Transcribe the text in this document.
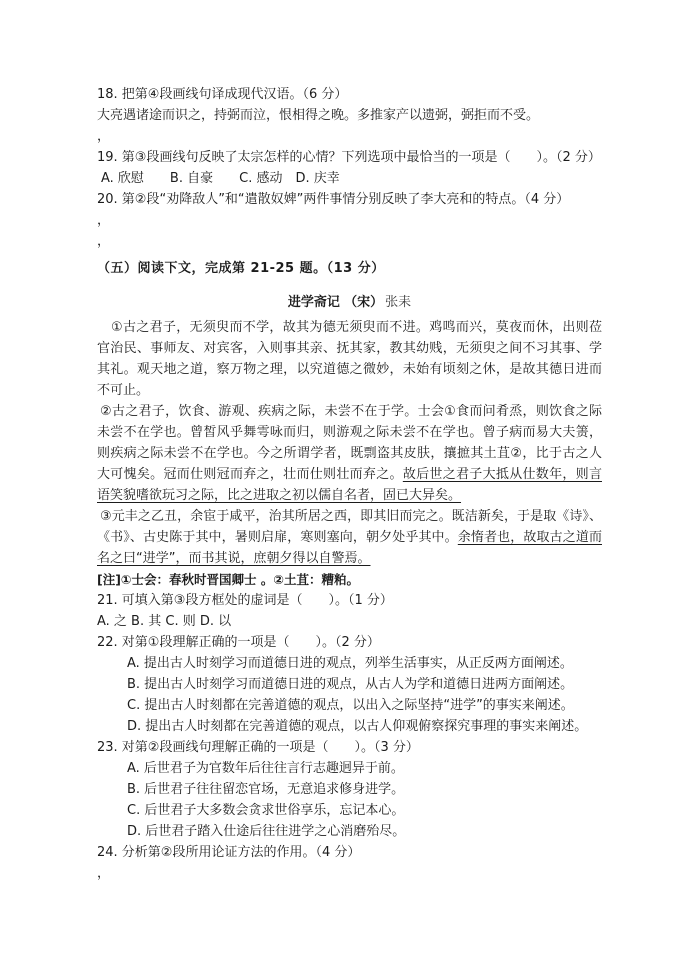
18. 把第④段画线句译成现代汉语。（6 分）
大亮遇诸途而识之，持弼而泣，恨相得之晚。多推家产以遗弼，弼拒而不受。
，
19. 第③段画线句反映了太宗怎样的心情？下列选项中最恰当的一项是（　　）。（2 分）
A. 欣慰　　B. 自豪　　C. 感动　D. 庆幸
20. 第②段“劝降敌人”和“遣散奴婢”两件事情分别反映了李大亮和的特点。（4 分）
，
，
（五）阅读下文，完成第 21-25 题。（13 分）
进学斋记 （宋） 张耒
①古之君子，无须臾而不学，故其为德无须臾而不进。鸡鸣而兴，莫夜而休，出则莅官治民、事师友、对宾客，入则事其亲、抚其家，教其幼贱，无须臾之间不习其事、学其礼。观天地之道，察万物之理，以究道德之微妙，未始有顷刻之休，是故其德日进而不可止。
②古之君子，饮食、游观、疾病之际，未尝不在于学。士会①食而问肴烝，则饮食之际未尝不在学也。曾皙风乎舞雩咏而归，则游观之际未尝不在学也。曾子病而易大夫箦，则疾病之际未尝不在学也。今之所谓学者，既剽盗其皮肤，攘摭其土苴②，比于古之人大可愧矣。冠而仕则冠而弃之，壮而仕则壮而弃之。故后世之君子大抵从仕数年，则言语笑貌嗜欲玩习之际，比之进取之初以儒自名者，固已大异矣。
③元丰之乙丑，余宦于咸平，治其所居之西，即其旧而完之。既洁新矣，于是取《诗》、《书》、古史陈于其中，暑则启扉，寒则塞向，朝夕处乎其中。余惰者也，故取古之道而名之曰“进学”，而书其说，庶朝夕得以自警焉。
[注]①士会：春秋时晋国卿士 。②土苴：糟粕。
21. 可填入第③段方框处的虚词是（　　）。（1 分）
A. 之 B. 其 C. 则 D. 以
22. 对第①段理解正确的一项是（　　）。（2 分）
A. 提出古人时刻学习而道德日进的观点，列举生活事实，从正反两方面阐述。
B. 提出古人时刻学习而道德日进的观点，从古人为学和道德日进两方面阐述。
C. 提出古人时刻都在完善道德的观点，以出入之际坚持“进学”的事实来阐述。
D. 提出古人时刻都在完善道德的观点，以古人仰观俯察探究事理的事实来阐述。
23. 对第②段画线句理解正确的一项是（　　）。（3 分）
A. 后世君子为官数年后往往言行志趣迥异于前。
B. 后世君子往往留恋官场，无意追求修身进学。
C. 后世君子大多数会贪求世俗享乐，忘记本心。
D. 后世君子踏入仕途后往往进学之心消磨殆尽。
24. 分析第②段所用论证方法的作用。（4 分）
，
